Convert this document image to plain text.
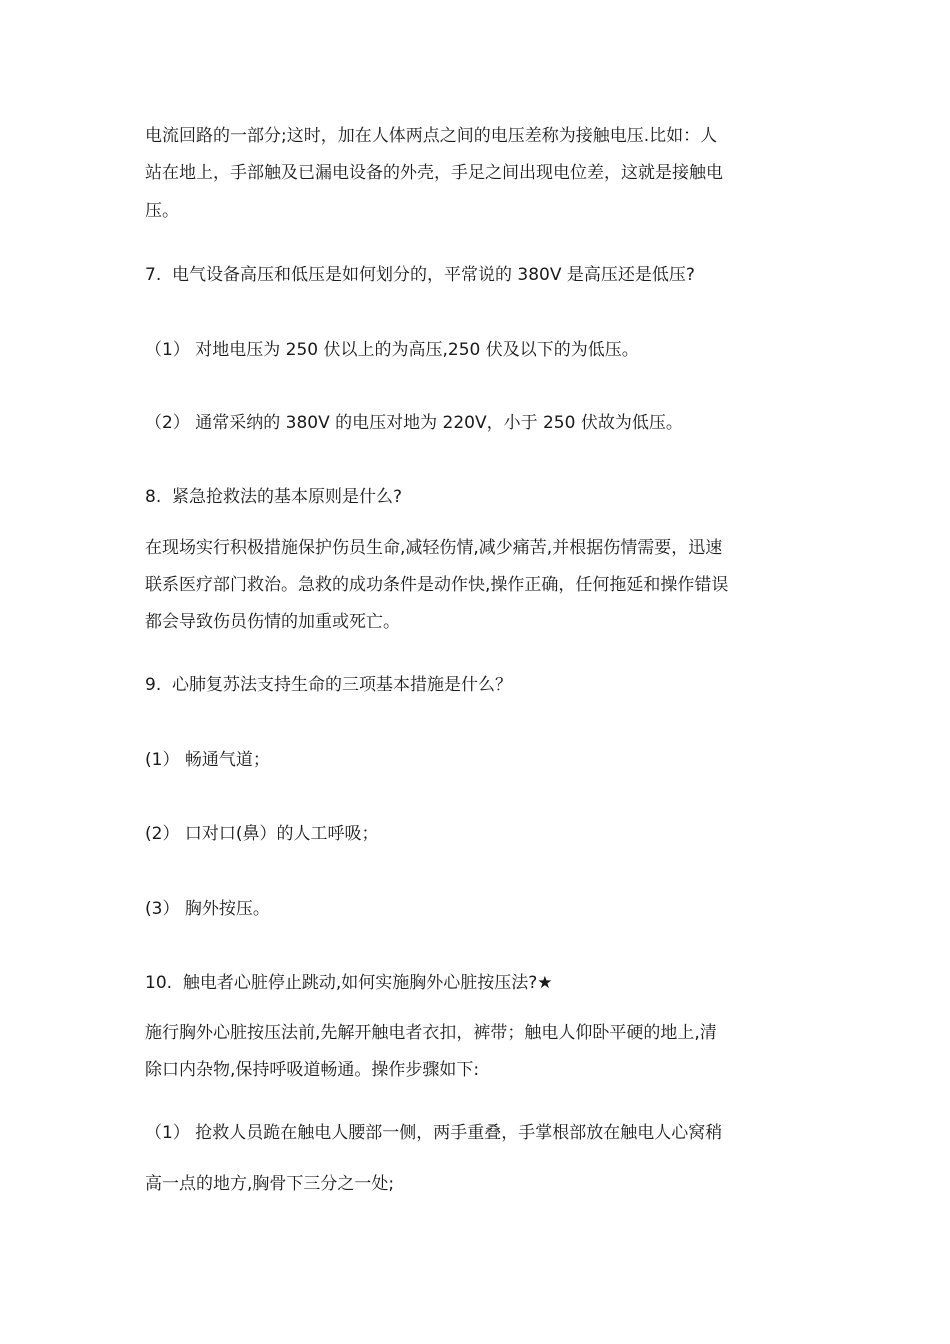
电流回路的一部分;这时，加在人体两点之间的电压差称为接触电压.比如：人
站在地上，手部触及已漏电设备的外壳，手足之间出现电位差，这就是接触电
压。
7.  电气设备高压和低压是如何划分的，平常说的 380V 是高压还是低压?
（1） 对地电压为 250 伏以上的为高压,250 伏及以下的为低压。
（2） 通常采纳的 380V 的电压对地为 220V，小于 250 伏故为低压。
8.  紧急抢救法的基本原则是什么?
在现场实行积极措施保护伤员生命,减轻伤情,减少痛苦,并根据伤情需要，迅速
联系医疗部门救治。急救的成功条件是动作快,操作正确，任何拖延和操作错误
都会导致伤员伤情的加重或死亡。
9.  心肺复苏法支持生命的三项基本措施是什么？
(1） 畅通气道；
(2） 口对口(鼻）的人工呼吸；
(3） 胸外按压。
10.  触电者心脏停止跳动,如何实施胸外心脏按压法?★
施行胸外心脏按压法前,先解开触电者衣扣，裤带；触电人仰卧平硬的地上,清
除口内杂物,保持呼吸道畅通。操作步骤如下:
（1） 抢救人员跪在触电人腰部一侧，两手重叠，手掌根部放在触电人心窝稍
高一点的地方,胸骨下三分之一处;
